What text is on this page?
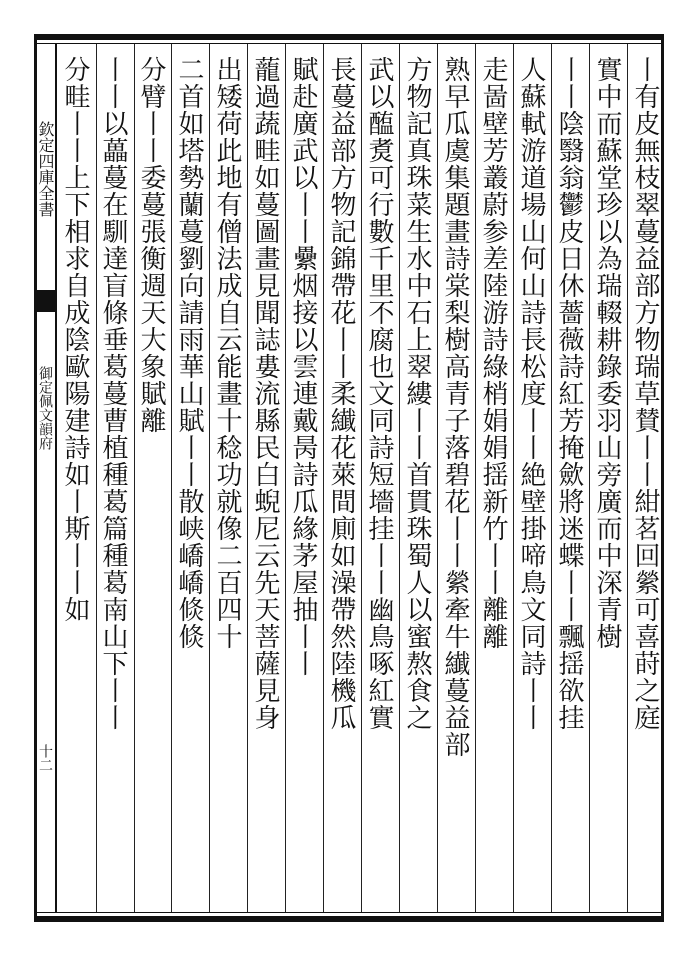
欽定四庫全書
御定佩文韻府
十二
丨有皮無枝翠蔓益部方物瑞草賛丨丨紺茗回縈可喜莳之庭
實中而蘇堂珍以為瑞輟耕錄委羽山旁廣而中深青樹
丨丨陰翳翁鬱皮日休薔薇詩紅芳掩歛將迷蝶丨丨飄揺欲挂
人蘇軾游道場山何山詩長松度丨丨絶壁掛啼鳥文同詩丨丨
走啚壁芳叢蔚参差陸游詩綠梢娟娟揺新竹丨丨離離
熟早瓜虞集題畫詩棠梨樹高青子落碧花丨丨縈牽牛纎蔓益部
方物記真珠菜生水中石上翠縷丨丨首貫珠蜀人以蜜熬食之
武以醢煑可行數千里不腐也文同詩短墻挂丨丨幽鳥啄紅實
長蔓益部方物記錦帶花丨丨柔纎花萊間廁如澡帶然陸機瓜
賦赴廣武以丨丨纍烟接以雲連戴昺詩瓜緣茅屋抽丨丨
蘢過蔬畦如蔓圖畫見聞誌婁流縣民白蜺尼云先天菩薩見身
出矮荷此地有僧法成自云能畫十稔功就像二百四十
二首如塔勢蘭蔓劉向請雨華山賦丨丨散峡嶠嶠倐倐
分臂丨丨委蔓張衡週天大象賦離
丨丨以藟蔓在馴達盲條垂葛蔓曹植種葛篇種葛南山下丨丨
分畦丨丨上下相求自成陰歐陽建詩如丨斯丨丨如
